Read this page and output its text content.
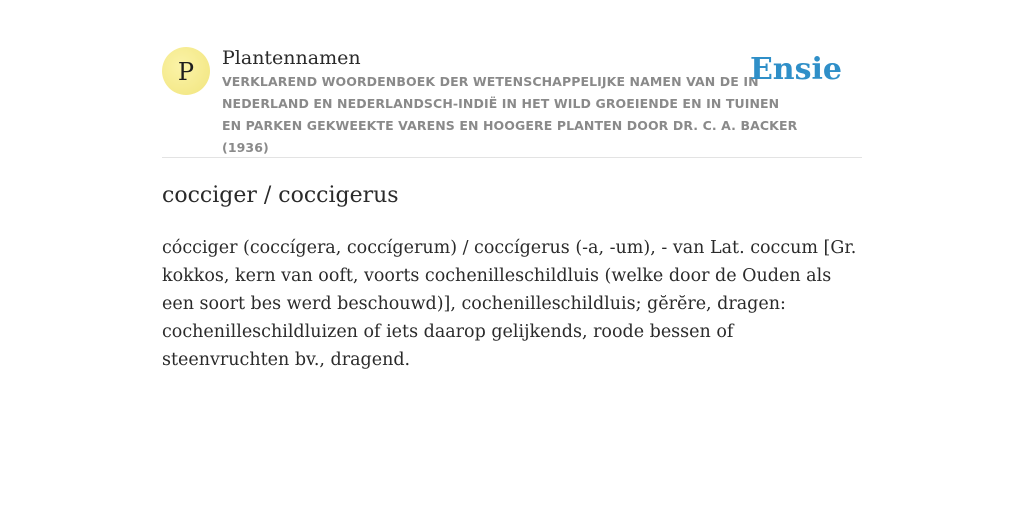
P Plantennamen
VERKLAREND WOORDENBOEK DER WETENSCHAPPELIJKE NAMEN VAN DE IN NEDERLAND EN NEDERLANDSCH-INDIË IN HET WILD GROEIENDE EN IN TUINEN EN PARKEN GEKWEEKTE VARENS EN HOOGERE PLANTEN DOOR DR. C. A. BACKER (1936)
Ensie
cocciger / coccigerus

cócciger (coccígera, coccígerum) / coccígerus (-a, -um), - van Lat. coccum [Gr. kokkos, kern van ooft, voorts cochenilleschildluis (welke door de Ouden als een soort bes werd beschouwd)], cochenilleschildluis; gĕrĕre, dragen: cochenilleschildluizen of iets daarop gelijkends, roode bessen of steenvruchten bv., dragend.
